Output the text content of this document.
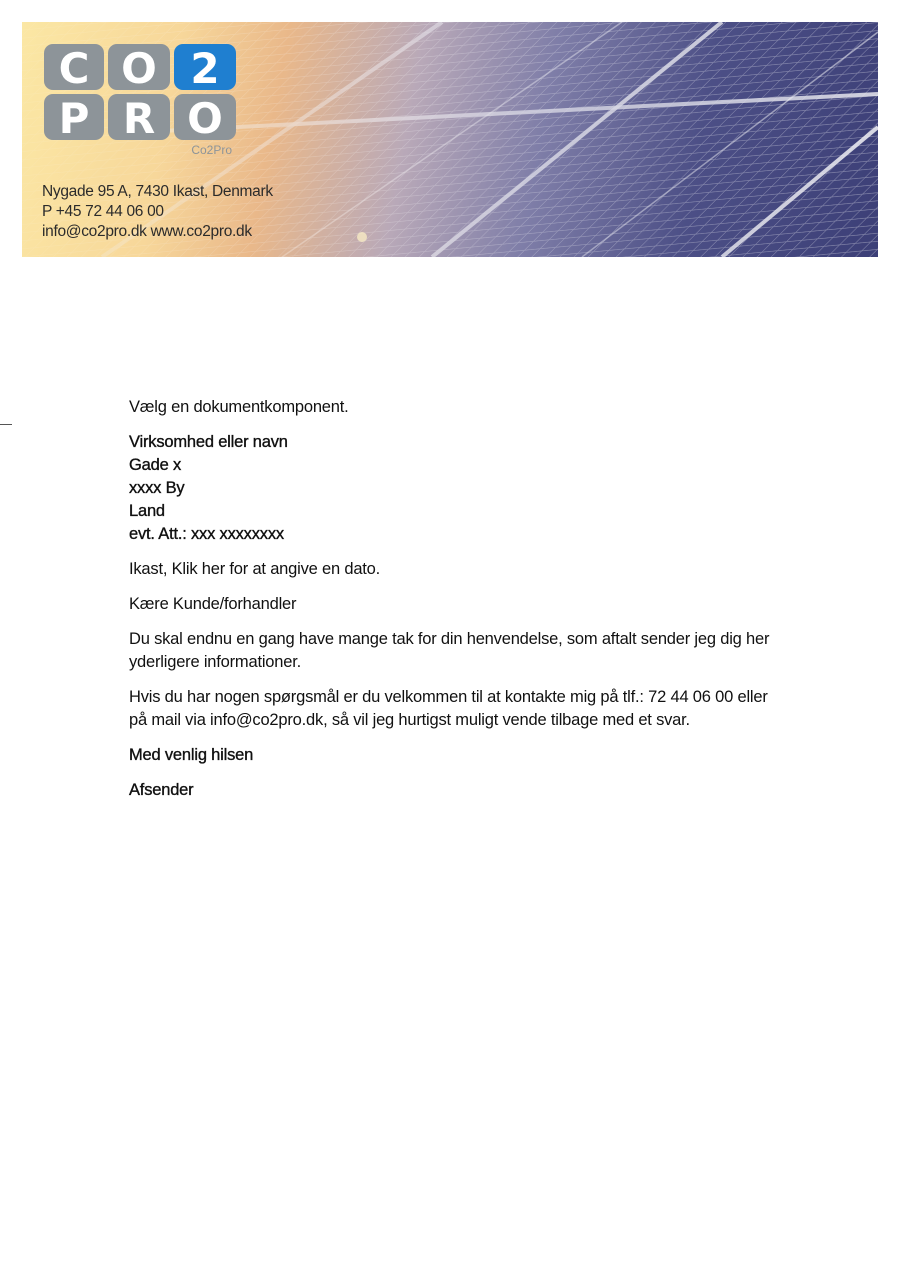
C O 2
P R O
Co2Pro
Nygade 95 A, 7430 Ikast, Denmark
P +45 72 44 06 00
info@co2pro.dk www.co2pro.dk

Vælg en dokumentkomponent.

Virksomhed eller navn
Gade x
xxxx By
Land
evt. Att.: xxx xxxxxxxx

Ikast, Klik her for at angive en dato.

Kære Kunde/forhandler

Du skal endnu en gang have mange tak for din henvendelse, som aftalt sender jeg dig her yderligere informationer.

Hvis du har nogen spørgsmål er du velkommen til at kontakte mig på tlf.: 72 44 06 00 eller på mail via info@co2pro.dk, så vil jeg hurtigst muligt vende tilbage med et svar.

Med venlig hilsen

Afsender
